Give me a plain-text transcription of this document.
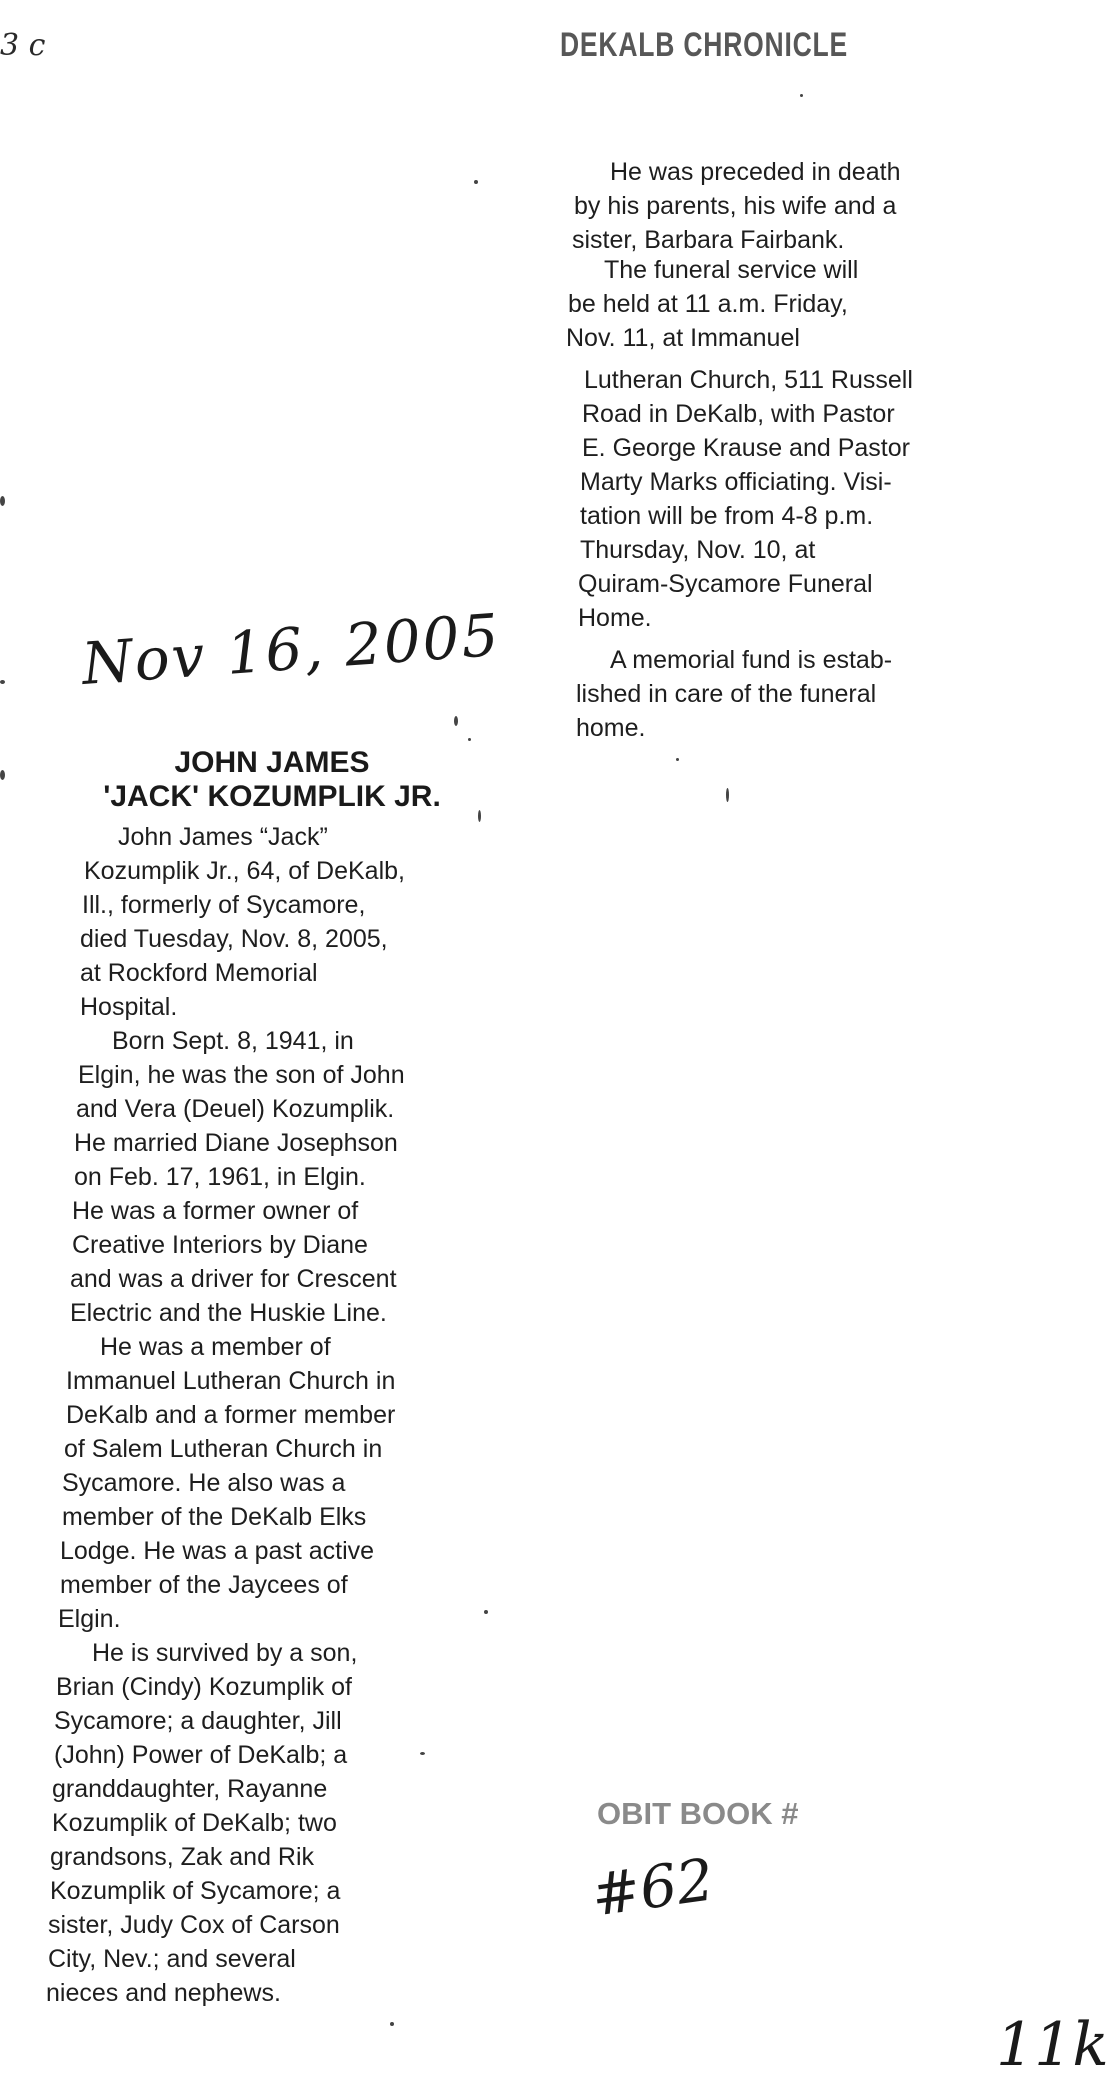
3 c	DEKALB CHRONICLE
Nov 16, 2005
JOHN JAMES
'JACK' KOZUMPLIK JR.
John James “Jack”
Kozumplik Jr., 64, of DeKalb,
Ill., formerly of Sycamore,
died Tuesday, Nov. 8, 2005,
at Rockford Memorial
Hospital.
Born Sept. 8, 1941, in
Elgin, he was the son of John
and Vera (Deuel) Kozumplik.
He married Diane Josephson
on Feb. 17, 1961, in Elgin.
He was a former owner of
Creative Interiors by Diane
and was a driver for Crescent
Electric and the Huskie Line.
He was a member of
Immanuel Lutheran Church in
DeKalb and a former member
of Salem Lutheran Church in
Sycamore. He also was a
member of the DeKalb Elks
Lodge. He was a past active
member of the Jaycees of
Elgin.
He is survived by a son,
Brian (Cindy) Kozumplik of
Sycamore; a daughter, Jill
(John) Power of DeKalb; a
granddaughter, Rayanne
Kozumplik of DeKalb; two
grandsons, Zak and Rik
Kozumplik of Sycamore; a
sister, Judy Cox of Carson
City, Nev.; and several
nieces and nephews.
He was preceded in death
by his parents, his wife and a
sister, Barbara Fairbank.
The funeral service will
be held at 11 a.m. Friday,
Nov. 11, at Immanuel
Lutheran Church, 511 Russell
Road in DeKalb, with Pastor
E. George Krause and Pastor
Marty Marks officiating. Visi-
tation will be from 4-8 p.m.
Thursday, Nov. 10, at
Quiram-Sycamore Funeral
Home.
A memorial fund is estab-
lished in care of the funeral
home.
OBIT BOOK #
#62
11k
